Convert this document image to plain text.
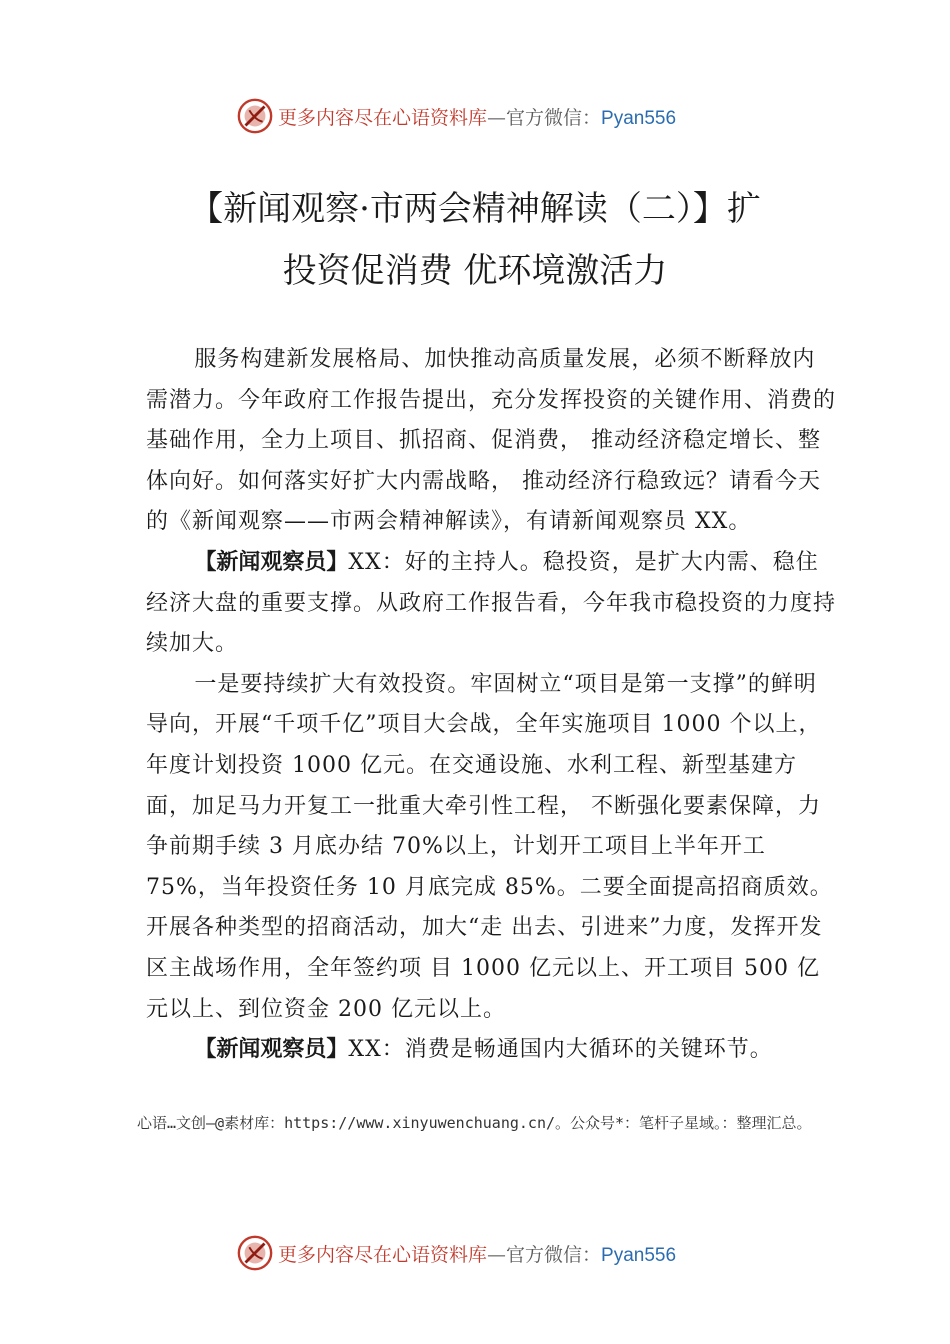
更多内容尽在心语资料库—官方微信：Pyan556
【新闻观察·市两会精神解读（二）】扩
投资促消费 优环境激活力

服务构建新发展格局、加快推动高质量发展，必须不断释放内需潜力。今年政府工作报告提出，充分发挥投资的关键作用、消费的基础作用，全力上项目、抓招商、促消费， 推动经济稳定增长、整体向好。如何落实好扩大内需战略， 推动经济行稳致远？请看今天的《新闻观察——市两会精神解读》，有请新闻观察员 XX。

【新闻观察员】XX：好的主持人。稳投资，是扩大内需、稳住经济大盘的重要支撑。从政府工作报告看，今年我市稳投资的力度持续加大。

一是要持续扩大有效投资。牢固树立“项目是第一支撑”的鲜明导向，开展“千项千亿”项目大会战，全年实施项目 1000 个以上，年度计划投资 1000 亿元。在交通设施、水利工程、新型基建方面，加足马力开复工一批重大牵引性工程， 不断强化要素保障，力争前期手续 3 月底办结 70%以上，计划开工项目上半年开工 75%，当年投资任务 10 月底完成 85%。二要全面提高招商质效。开展各种类型的招商活动，加大“走 出去、引进来”力度，发挥开发区主战场作用，全年签约项 目 1000 亿元以上、开工项目 500 亿元以上、到位资金 200 亿元以上。

【新闻观察员】XX：消费是畅通国内大循环的关键环节。

心语…文创—@素材库：https://www.xinyuwenchuang.cn/。公众号*：笔杆子星域。：整理汇总。
更多内容尽在心语资料库—官方微信：Pyan556
